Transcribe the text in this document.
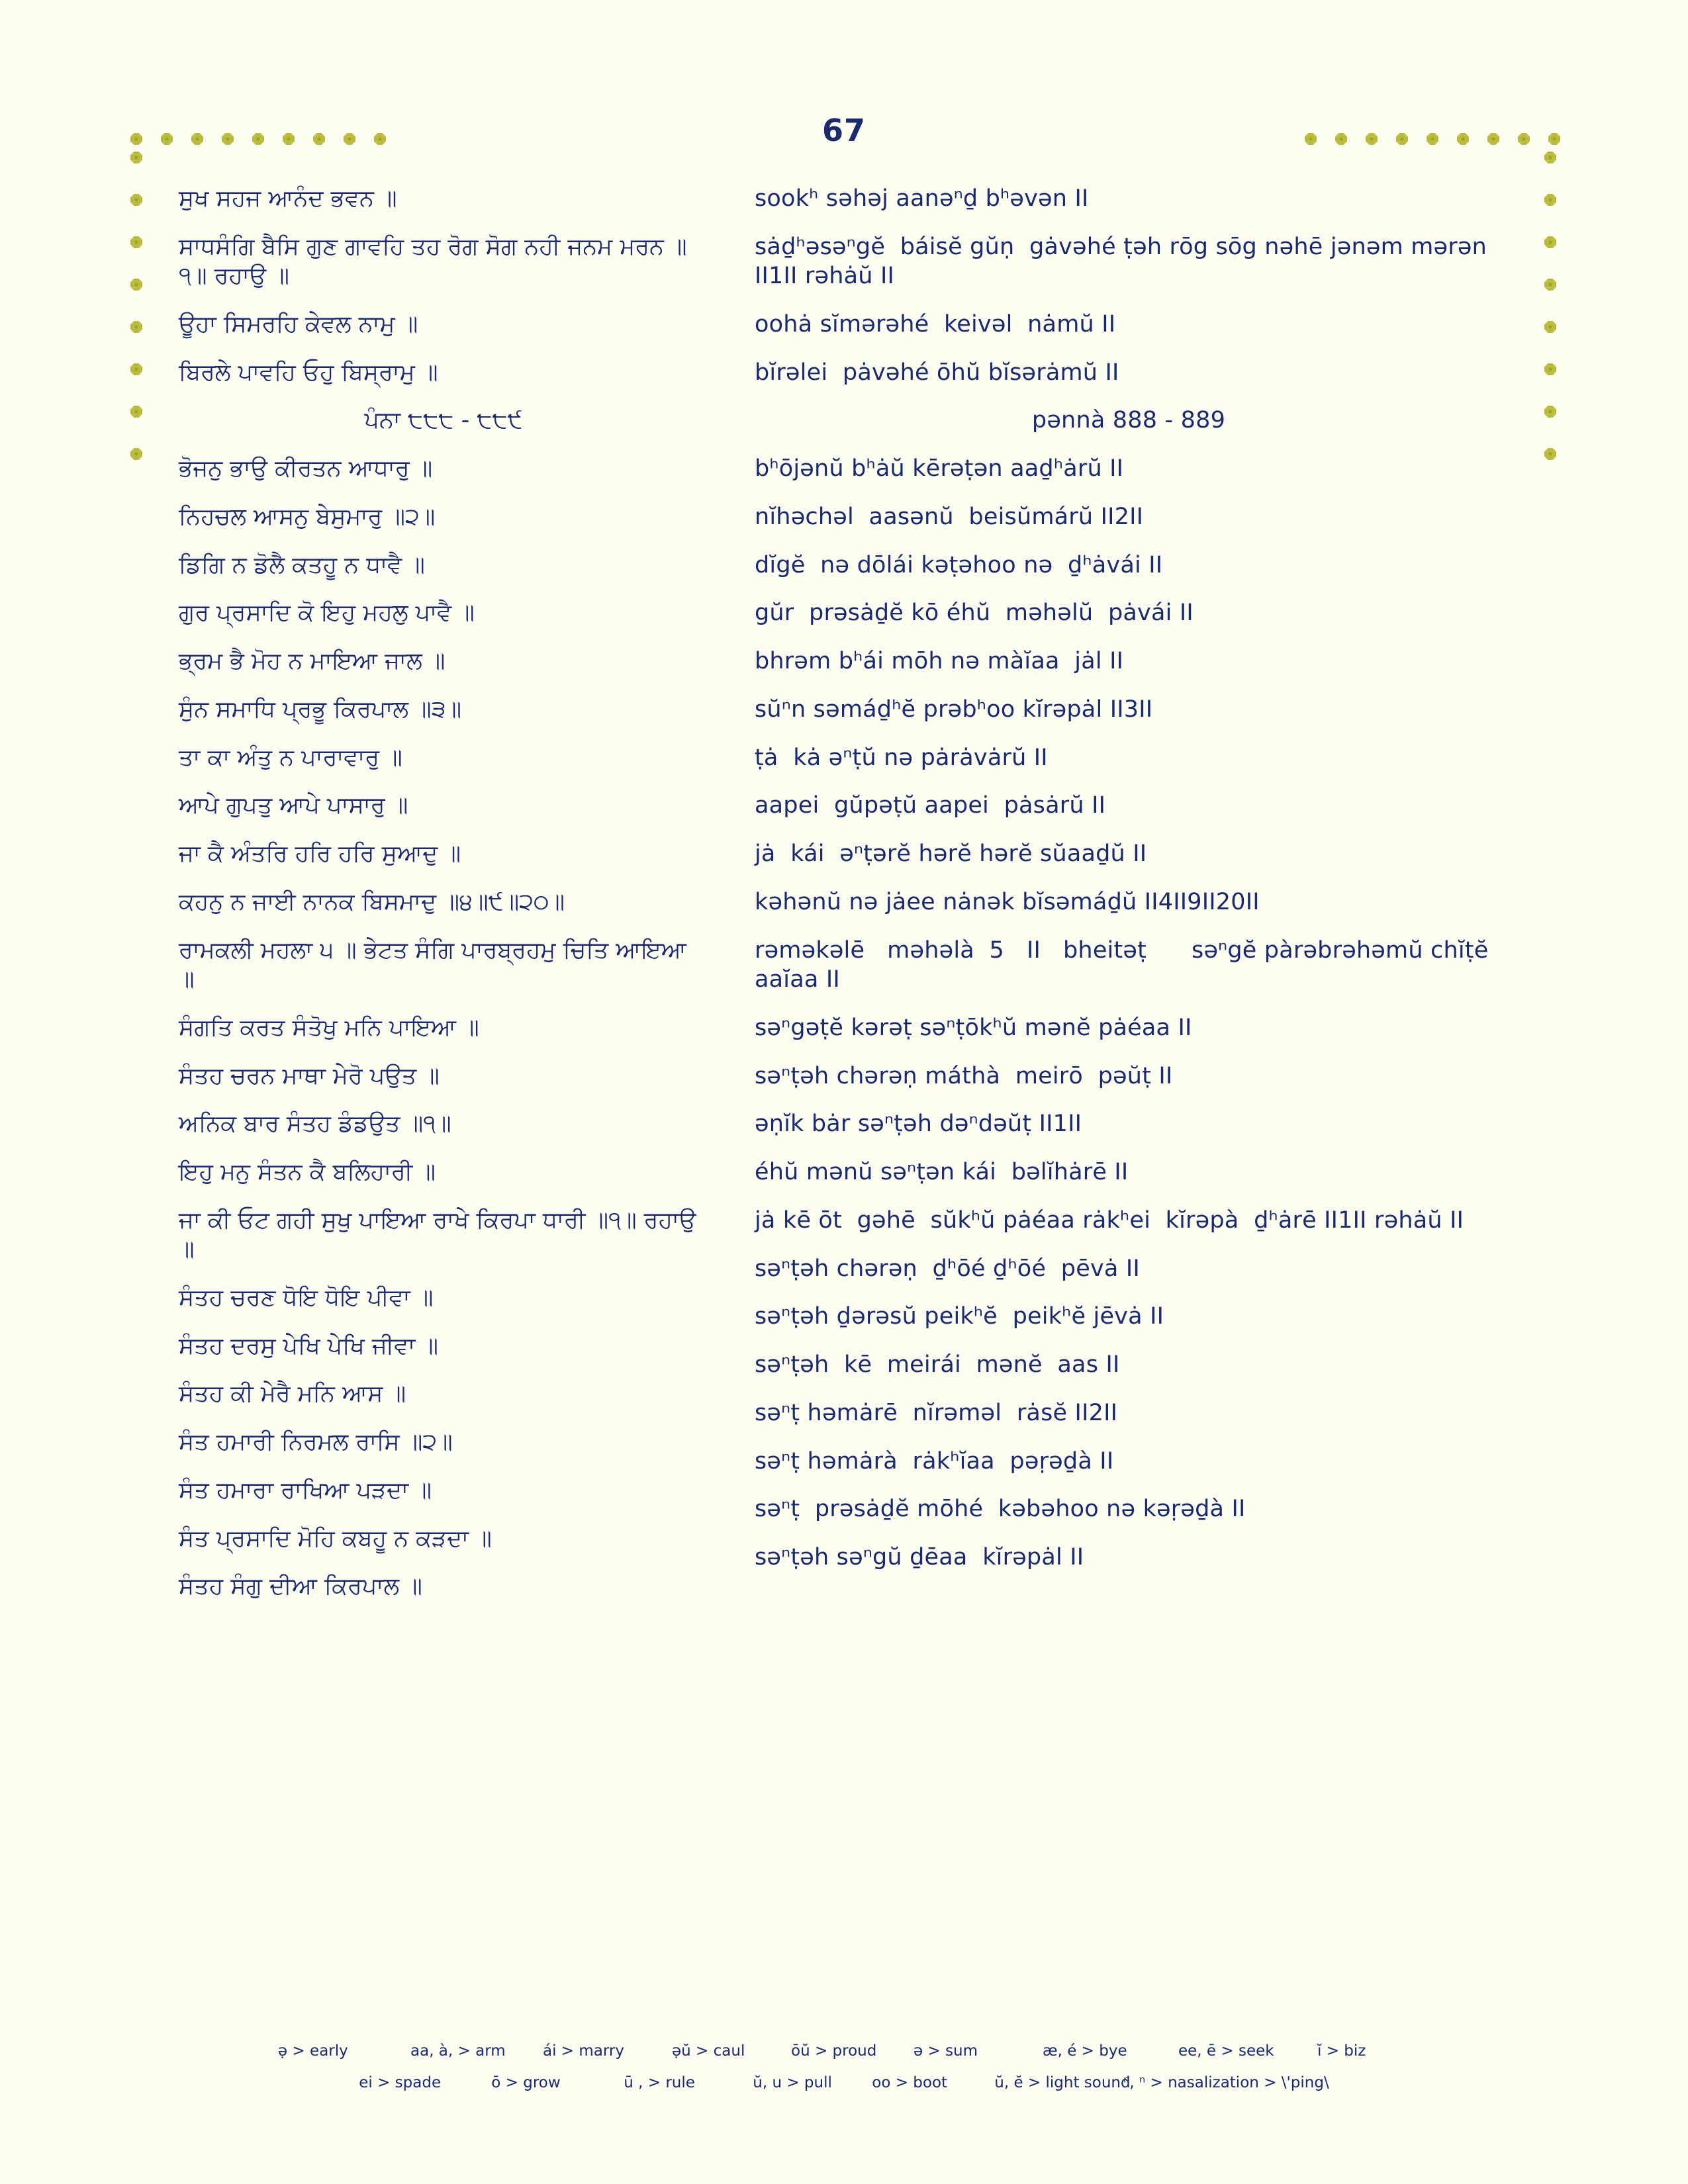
67

ਸੁਖ ਸਹਜ ਆਨੰਦ ਭਵਨ ॥

ਸਾਧਸੰਗਿ ਬੈਸਿ ਗੁਣ ਗਾਵਹਿ ਤਹ ਰੋਗ ਸੋਗ ਨਹੀ ਜਨਮ ਮਰਨ ॥੧॥ ਰਹਾਉ ॥

ਊਹਾ ਸਿਮਰਹਿ ਕੇਵਲ ਨਾਮੁ ॥

ਬਿਰਲੇ ਪਾਵਹਿ ਓਹੁ ਬਿਸ੍ਰਾਮੁ ॥

ਪੰਨਾ ੮੮੮ - ੮੮੯

ਭੋਜਨੁ ਭਾਉ ਕੀਰਤਨ ਆਧਾਰੁ ॥

ਨਿਹਚਲ ਆਸਨੁ ਬੇਸੁਮਾਰੁ ॥੨॥

ਡਿਗਿ ਨ ਡੋਲੈ ਕਤਹੂ ਨ ਧਾਵੈ ॥

ਗੁਰ ਪ੍ਰਸਾਦਿ ਕੋ ਇਹੁ ਮਹਲੁ ਪਾਵੈ ॥

ਭ੍ਰਮ ਭੈ ਮੋਹ ਨ ਮਾਇਆ ਜਾਲ ॥

ਸੁੰਨ ਸਮਾਧਿ ਪ੍ਰਭੂ ਕਿਰਪਾਲ ॥੩॥

ਤਾ ਕਾ ਅੰਤੁ ਨ ਪਾਰਾਵਾਰੁ ॥

ਆਪੇ ਗੁਪਤੁ ਆਪੇ ਪਾਸਾਰੁ ॥

ਜਾ ਕੈ ਅੰਤਰਿ ਹਰਿ ਹਰਿ ਸੁਆਦੁ ॥

ਕਹਨੁ ਨ ਜਾਈ ਨਾਨਕ ਬਿਸਮਾਦੁ ॥੪॥੯॥੨੦॥

ਰਾਮਕਲੀ ਮਹਲਾ ੫ ॥ ਭੇਟਤ ਸੰਗਿ ਪਾਰਬ੍ਰਹਮੁ ਚਿਤਿ ਆਇਆ ॥

ਸੰਗਤਿ ਕਰਤ ਸੰਤੋਖੁ ਮਨਿ ਪਾਇਆ ॥

ਸੰਤਹ ਚਰਨ ਮਾਥਾ ਮੇਰੋ ਪਉਤ ॥

ਅਨਿਕ ਬਾਰ ਸੰਤਹ ਡੰਡਉਤ ॥੧॥

ਇਹੁ ਮਨੁ ਸੰਤਨ ਕੈ ਬਲਿਹਾਰੀ ॥

ਜਾ ਕੀ ਓਟ ਗਹੀ ਸੁਖੁ ਪਾਇਆ ਰਾਖੇ ਕਿਰਪਾ ਧਾਰੀ ॥੧॥ ਰਹਾਉ ॥

ਸੰਤਹ ਚਰਣ ਧੋਇ ਧੋਇ ਪੀਵਾ ॥

ਸੰਤਹ ਦਰਸੁ ਪੇਖਿ ਪੇਖਿ ਜੀਵਾ ॥

ਸੰਤਹ ਕੀ ਮੇਰੈ ਮਨਿ ਆਸ ॥

ਸੰਤ ਹਮਾਰੀ ਨਿਰਮਲ ਰਾਸਿ ॥੨॥

ਸੰਤ ਹਮਾਰਾ ਰਾਖਿਆ ਪੜਦਾ ॥

ਸੰਤ ਪ੍ਰਸਾਦਿ ਮੋਹਿ ਕਬਹੂ ਨ ਕੜਦਾ ॥

ਸੰਤਹ ਸੰਗੁ ਦੀਆ ਕਿਰਪਾਲ ॥

sookʰ səhəj aanəⁿḏ bʰəvən II

sȧḏʰəsəⁿgĕ  báisĕ gŭṇ  gȧvəhé ṭəh rōg sōg nəhē jənəm mərən II1II rəhȧŭ II

oohȧ sĭmərəhé  keivəl  nȧmŭ II

bĭrəlei  pȧvəhé ōhŭ bĭsərȧmŭ II

pənnà 888 - 889

bʰōjənŭ bʰȧŭ kērəṭən aaḏʰȧrŭ II

nĭhəchəl  aasənŭ  beisŭmárŭ II2II

dĭgĕ  nə dōlái kəṭəhoo nə  ḏʰȧvái II

gŭr  prəsȧḏĕ kō éhŭ  məhəlŭ  pȧvái II

bhrəm bʰái mōh nə màĭaa  jȧl II

sŭⁿn səmáḏʰĕ prəbʰoo kĭrəpȧl II3II

ṭȧ  kȧ əⁿṭŭ nə pȧrȧvȧrŭ II

aapei  gŭpəṭŭ aapei  pȧsȧrŭ II

jȧ  kái  əⁿṭərĕ hərĕ hərĕ sŭaaḏŭ II

kəhənŭ nə jȧee nȧnək bĭsəmáḏŭ II4II9II20II

rəməkəlē   məhəlà  5   II   bheitəṭ      səⁿgĕ pàrəbrəhəmŭ chĭṭĕ aaĭaa II

səⁿgəṭĕ kərəṭ səⁿṭōkʰŭ mənĕ pȧéaa II

səⁿṭəh chərəṇ máthà  meirō  pəŭṭ II

əṇĭk bȧr səⁿṭəh dəⁿdəŭṭ II1II

éhŭ mənŭ səⁿṭən kái  bəlĭhȧrē II

jȧ kē ōt  gəhē  sŭkʰŭ pȧéaa rȧkʰei  kĭrəpà  ḏʰȧrē II1II rəhȧŭ II

səⁿṭəh chərəṇ  ḏʰōé ḏʰōé  pēvȧ II

səⁿṭəh ḏərəsŭ peikʰĕ  peikʰĕ jēvȧ II

səⁿṭəh  kē  meirái  mənĕ  aas II

səⁿṭ həmȧrē  nĭrəməl  rȧsĕ II2II

səⁿṭ həmȧrà  rȧkʰĭaa  pəṛəḏà II

səⁿṭ  prəsȧḏĕ mōhé  kəbəhoo nə kəṛəḏà II

səⁿṭəh səⁿgŭ ḏēaa  kĭrəpȧl II

ə̣ > early	aa, à, > arm	ái > marry	ə̣ŭ > caul	ōŭ > proud	ə > sum	æ, é > bye	ee, ē > seek	ĭ > biz
ei > spade	ō > grow	ū , > rule	ŭ, u > pull	oo > boot	ŭ, ĕ > light sound
ⁿ, ⁿ > nasalization > \'ping\
